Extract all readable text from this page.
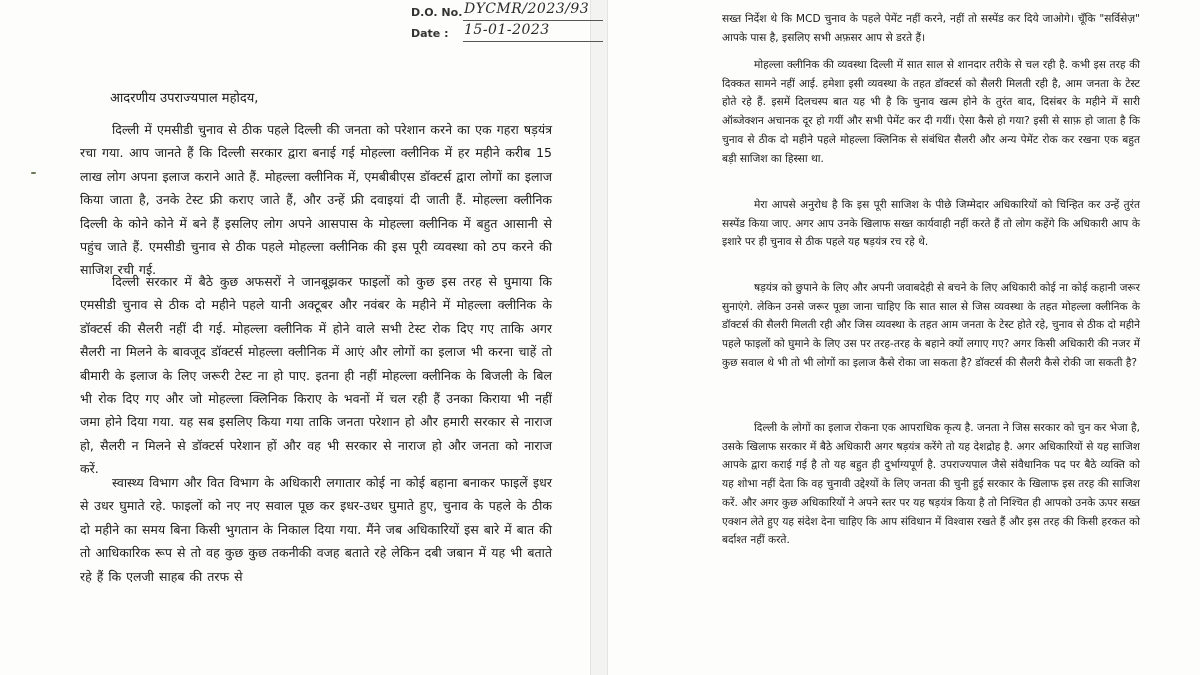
D.O. No. DYCMR/2023/93
Date : 15-01-2023
आदरणीय उपराज्यपाल महोदय,

दिल्ली में एमसीडी चुनाव से ठीक पहले दिल्ली की जनता को परेशान करने का एक गहरा षड़यंत्र रचा गया. आप जानते हैं कि दिल्ली सरकार द्वारा बनाई गई मोहल्ला क्लीनिक में हर महीने करीब 15 लाख लोग अपना इलाज कराने आते हैं. मोहल्ला क्लीनिक में, एमबीबीएस डॉक्टर्स द्वारा लोगों का इलाज किया जाता है, उनके टेस्ट फ्री कराए जाते हैं, और उन्हें फ्री दवाइयां दी जाती हैं. मोहल्ला क्लीनिक दिल्ली के कोने कोने में बने हैं इसलिए लोग अपने आसपास के मोहल्ला क्लीनिक में बहुत आसानी से पहुंच जाते हैं. एमसीडी चुनाव से ठीक पहले मोहल्ला क्लीनिक की इस पूरी व्यवस्था को ठप करने की साजिश रची गई.

दिल्ली सरकार में बैठे कुछ अफसरों ने जानबूझकर फाइलों को कुछ इस तरह से घुमाया कि एमसीडी चुनाव से ठीक दो महीने पहले यानी अक्टूबर और नवंबर के महीने में मोहल्ला क्लीनिक के डॉक्टर्स की सैलरी नहीं दी गई. मोहल्ला क्लीनिक में होने वाले सभी टेस्ट रोक दिए गए ताकि अगर सैलरी ना मिलने के बावजूद डॉक्टर्स मोहल्ला क्लीनिक में आएं और लोगों का इलाज भी करना चाहें तो बीमारी के इलाज के लिए जरूरी टेस्ट ना हो पाए. इतना ही नहीं मोहल्ला क्लीनिक के बिजली के बिल भी रोक दिए गए और जो मोहल्ला क्लिनिक किराए के भवनों में चल रही हैं उनका किराया भी नहीं जमा होने दिया गया. यह सब इसलिए किया गया ताकि जनता परेशान हो और हमारी सरकार से नाराज हो, सैलरी न मिलने से डॉक्टर्स परेशान हों और वह भी सरकार से नाराज हो और जनता को नाराज करें.

स्वास्थ्य विभाग और वित विभाग के अधिकारी लगातार कोई ना कोई बहाना बनाकर फाइलें इधर से उधर घुमाते रहे. फाइलों को नए नए सवाल पूछ कर इधर-उधर घुमाते हुए, चुनाव के पहले के ठीक दो महीने का समय बिना किसी भुगतान के निकाल दिया गया. मैंने जब अधिकारियों इस बारे में बात की तो आधिकारिक रूप से तो वह कुछ कुछ तकनीकी वजह बताते रहे लेकिन दबी जबान में यह भी बताते रहे हैं कि एलजी साहब की तरफ से

सख्त निर्देश थे कि MCD चुनाव के पहले पेमेंट नहीं करने, नहीं तो सस्पेंड कर दिये जाओगे। चूँकि "सर्विसेज़" आपके पास है, इसलिए सभी अफ़सर आप से डरते हैं।

मोहल्ला क्लीनिक की व्यवस्था दिल्ली में सात साल से शानदार तरीके से चल रही है. कभी इस तरह की दिक्कत सामने नहीं आई. हमेशा इसी व्यवस्था के तहत डॉक्टर्स को सैलरी मिलती रही है, आम जनता के टेस्ट होते रहे हैं. इसमें दिलचस्प बात यह भी है कि चुनाव खत्म होने के तुरंत बाद, दिसंबर के महीने में सारी ऑब्जेक्शन अचानक दूर हो गयीं और सभी पेमेंट कर दी गयीं। ऐसा कैसे हो गया? इसी से साफ़ हो जाता है कि चुनाव से ठीक दो महीने पहले मोहल्ला क्लिनिक से संबंधित सैलरी और अन्य पेमेंट रोक कर रखना एक बहुत बड़ी साजिश का हिस्सा था.

मेरा आपसे अनुरोध है कि इस पूरी साजिश के पीछे जिम्मेदार अधिकारियों को चिन्हित कर उन्हें तुरंत सस्पेंड किया जाए. अगर आप उनके खिलाफ सख्त कार्यवाही नहीं करते हैं तो लोग कहेंगे कि अधिकारी आप के इशारे पर ही चुनाव से ठीक पहले यह षड़यंत्र रच रहे थे.

षड़यंत्र को छुपाने के लिए और अपनी जवाबदेही से बचने के लिए अधिकारी कोई ना कोई कहानी जरूर सुनाएंगे. लेकिन उनसे जरूर पूछा जाना चाहिए कि सात साल से जिस व्यवस्था के तहत मोहल्ला क्लीनिक के डॉक्टर्स की सैलरी मिलती रही और जिस व्यवस्था के तहत आम जनता के टेस्ट होते रहे, चुनाव से ठीक दो महीने पहले फाइलों को घुमाने के लिए उस पर तरह-तरह के बहाने क्यों लगाए गए? अगर किसी अधिकारी की नजर में कुछ सवाल थे भी तो भी लोगों का इलाज कैसे रोका जा सकता है? डॉक्टर्स की सैलरी कैसे रोकी जा सकती है?

दिल्ली के लोगों का इलाज रोकना एक आपराधिक कृत्य है. जनता ने जिस सरकार को चुन कर भेजा है, उसके खिलाफ सरकार में बैठे अधिकारी अगर षड़यंत्र करेंगे तो यह देशद्रोह है. अगर अधिकारियों से यह साजिश आपके द्वारा कराई गई है तो यह बहुत ही दुर्भाग्यपूर्ण है. उपराज्यपाल जैसे संवैधानिक पद पर बैठे व्यक्ति को यह शोभा नहीं देता कि वह चुनावी उद्देश्यों के लिए जनता की चुनी हुई सरकार के खिलाफ इस तरह की साजिश करें. और अगर कुछ अधिकारियों ने अपने स्तर पर यह षड़यंत्र किया है तो निश्चित ही आपको उनके ऊपर सख्त एक्शन लेते हुए यह संदेश देना चाहिए कि आप संविधान में विश्वास रखते हैं और इस तरह की किसी हरकत को बर्दाश्त नहीं करते.
